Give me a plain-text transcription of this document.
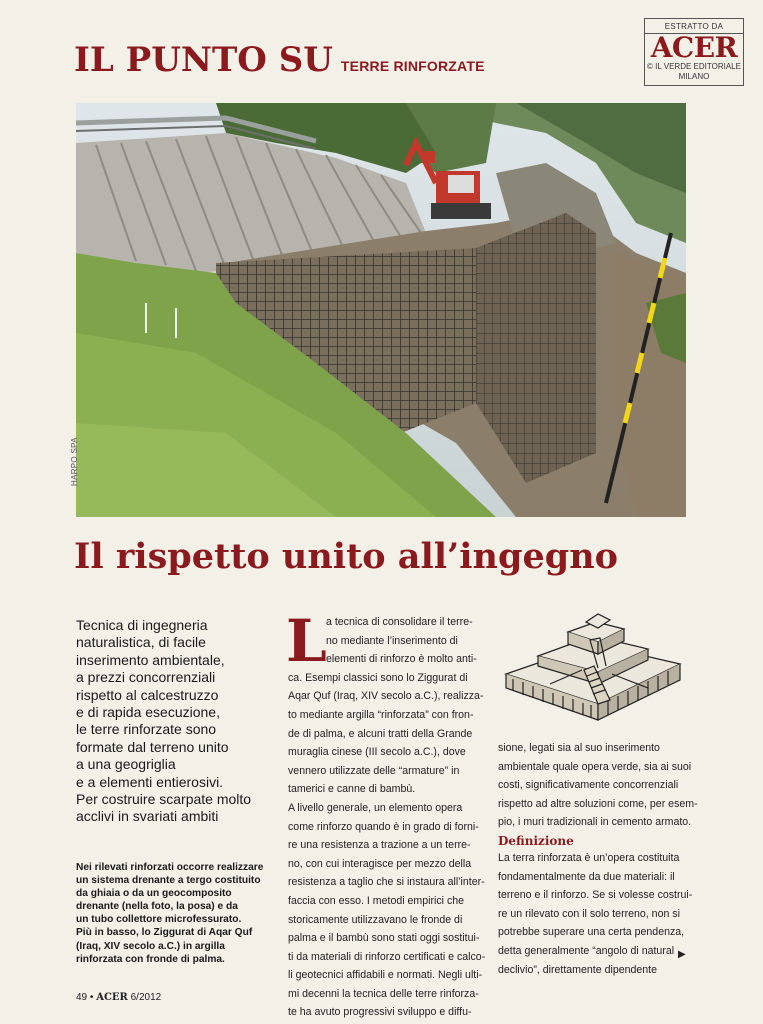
IL PUNTO SU TERRE RINFORZATE
ESTRATTO DA
ACER
© IL VERDE EDITORIALE
MILANO
HARPO SPA
Il rispetto unito all’ingegno
Tecnica di ingegneria
naturalistica, di facile
inserimento ambientale,
a prezzi concorrenziali
rispetto al calcestruzzo
e di rapida esecuzione,
le terre rinforzate sono
formate dal terreno unito
a una geogriglia
e a elementi entierosivi.
Per costruire scarpate molto
acclivi in svariati ambiti
Nei rilevati rinforzati occorre realizzare
un sistema drenante a tergo costituito
da ghiaia o da un geocomposito
drenante (nella foto, la posa) e da
un tubo collettore microfessurato.
Più in basso, lo Ziggurat di Aqar Quf
(Iraq, XIV secolo a.C.) in argilla
rinforzata con fronde di palma.
L a tecnica di consolidare il terre-
no mediante l’inserimento di
elementi di rinforzo è molto anti-
ca. Esempi classici sono lo Ziggurat di
Aqar Quf (Iraq, XIV secolo a.C.), realizza-
to mediante argilla “rinforzata” con fron-
de di palma, e alcuni tratti della Grande
muraglia cinese (III secolo a.C.), dove
vennero utilizzate delle “armature” in
tamerici e canne di bambù.
A livello generale, un elemento opera
come rinforzo quando è in grado di forni-
re una resistenza a trazione a un terre-
no, con cui interagisce per mezzo della
resistenza a taglio che si instaura all’inter-
faccia con esso. I metodi empirici che
storicamente utilizzavano le fronde di
palma e il bambù sono stati oggi sostitui-
ti da materiali di rinforzo certificati e calco-
li geotecnici affidabili e normati. Negli ulti-
mi decenni la tecnica delle terre rinforza-
te ha avuto progressivi sviluppo e diffu-
sione, legati sia al suo inserimento
ambientale quale opera verde, sia ai suoi
costi, significativamente concorrenziali
rispetto ad altre soluzioni come, per esem-
pio, i muri tradizionali in cemento armato.
Definizione
La terra rinforzata è un’opera costituita
fondamentalmente da due materiali: il
terreno e il rinforzo. Se si volesse costrui-
re un rilevato con il solo terreno, non si
potrebbe superare una certa pendenza,
detta generalmente “angolo di natural
declivio”, direttamente dipendente
▶
49 • ACER 6/2012
